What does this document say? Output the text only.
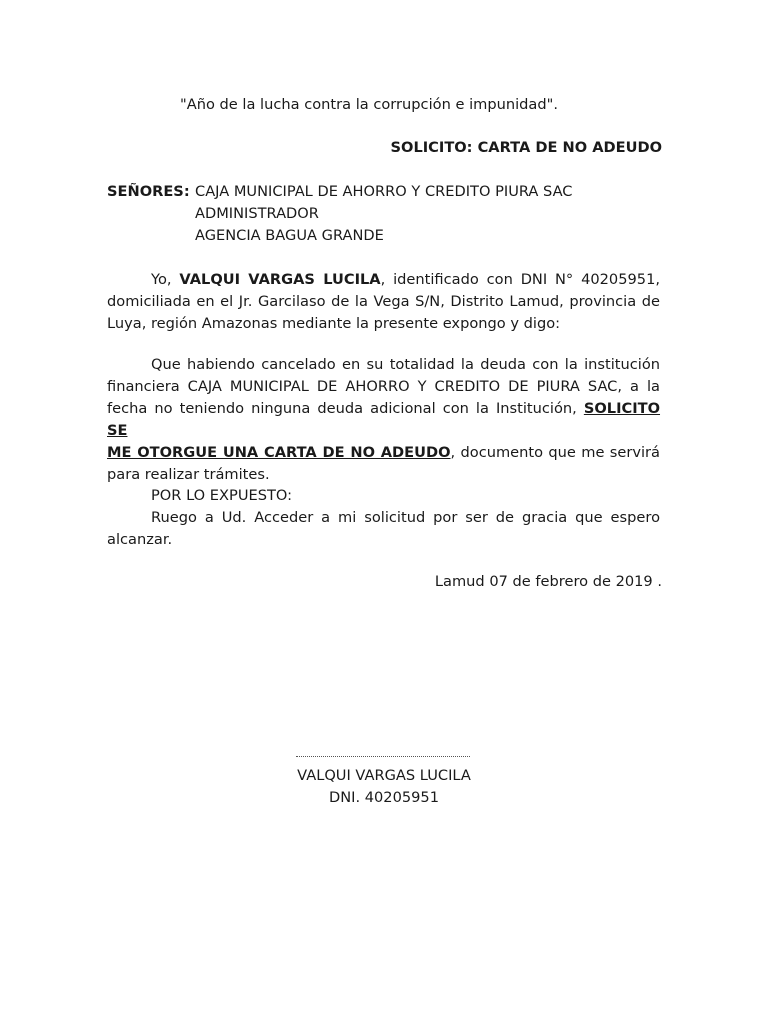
"Año de la lucha contra la corrupción e impunidad".
SOLICITO: CARTA DE NO ADEUDO
SEÑORES: CAJA MUNICIPAL DE AHORRO Y CREDITO PIURA SAC
ADMINISTRADOR
AGENCIA BAGUA GRANDE
Yo, VALQUI VARGAS LUCILA, identificado con DNI N° 40205951,
domiciliada en el Jr. Garcilaso de la Vega S/N, Distrito Lamud, provincia de
Luya, región Amazonas mediante la presente expongo y digo:
Que habiendo cancelado en su totalidad la deuda con la institución
financiera CAJA MUNICIPAL DE AHORRO Y CREDITO DE PIURA SAC, a la
fecha no teniendo ninguna deuda adicional con la Institución, SOLICITO SE
ME OTORGUE UNA CARTA DE NO ADEUDO, documento que me servirá
para realizar trámites.
POR LO EXPUESTO:
Ruego a Ud. Acceder a mi solicitud por ser de gracia que espero
alcanzar.
Lamud 07 de febrero de 2019 .
VALQUI VARGAS LUCILA
DNI. 40205951
